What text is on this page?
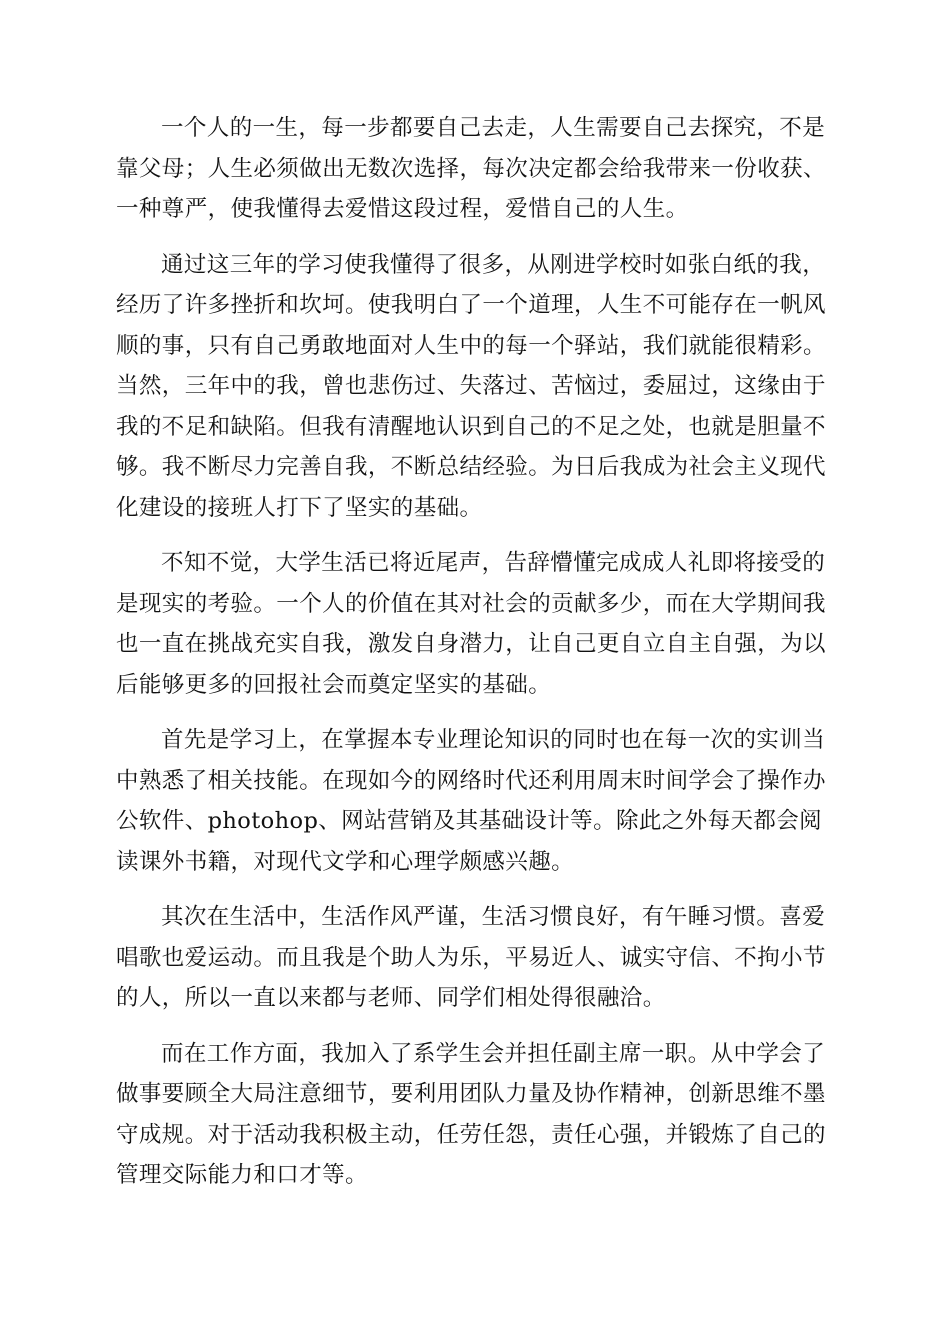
一个人的一生，每一步都要自己去走，人生需要自己去探究，不是靠父母；人生必须做出无数次选择，每次决定都会给我带来一份收获、一种尊严，使我懂得去爱惜这段过程，爱惜自己的人生。

通过这三年的学习使我懂得了很多，从刚进学校时如张白纸的我，经历了许多挫折和坎坷。使我明白了一个道理，人生不可能存在一帆风顺的事，只有自己勇敢地面对人生中的每一个驿站，我们就能很精彩。当然，三年中的我，曾也悲伤过、失落过、苦恼过，委屈过，这缘由于我的不足和缺陷。但我有清醒地认识到自己的不足之处，也就是胆量不够。我不断尽力完善自我，不断总结经验。为日后我成为社会主义现代化建设的接班人打下了坚实的基础。

不知不觉，大学生活已将近尾声，告辞懵懂完成成人礼即将接受的是现实的考验。一个人的价值在其对社会的贡献多少，而在大学期间我也一直在挑战充实自我，激发自身潜力，让自己更自立自主自强，为以后能够更多的回报社会而奠定坚实的基础。

首先是学习上，在掌握本专业理论知识的同时也在每一次的实训当中熟悉了相关技能。在现如今的网络时代还利用周末时间学会了操作办公软件、photohop、网站营销及其基础设计等。除此之外每天都会阅读课外书籍，对现代文学和心理学颇感兴趣。

其次在生活中，生活作风严谨，生活习惯良好，有午睡习惯。喜爱唱歌也爱运动。而且我是个助人为乐，平易近人、诚实守信、不拘小节的人，所以一直以来都与老师、同学们相处得很融洽。

而在工作方面，我加入了系学生会并担任副主席一职。从中学会了做事要顾全大局注意细节，要利用团队力量及协作精神，创新思维不墨守成规。对于活动我积极主动，任劳任怨，责任心强，并锻炼了自己的管理交际能力和口才等。
